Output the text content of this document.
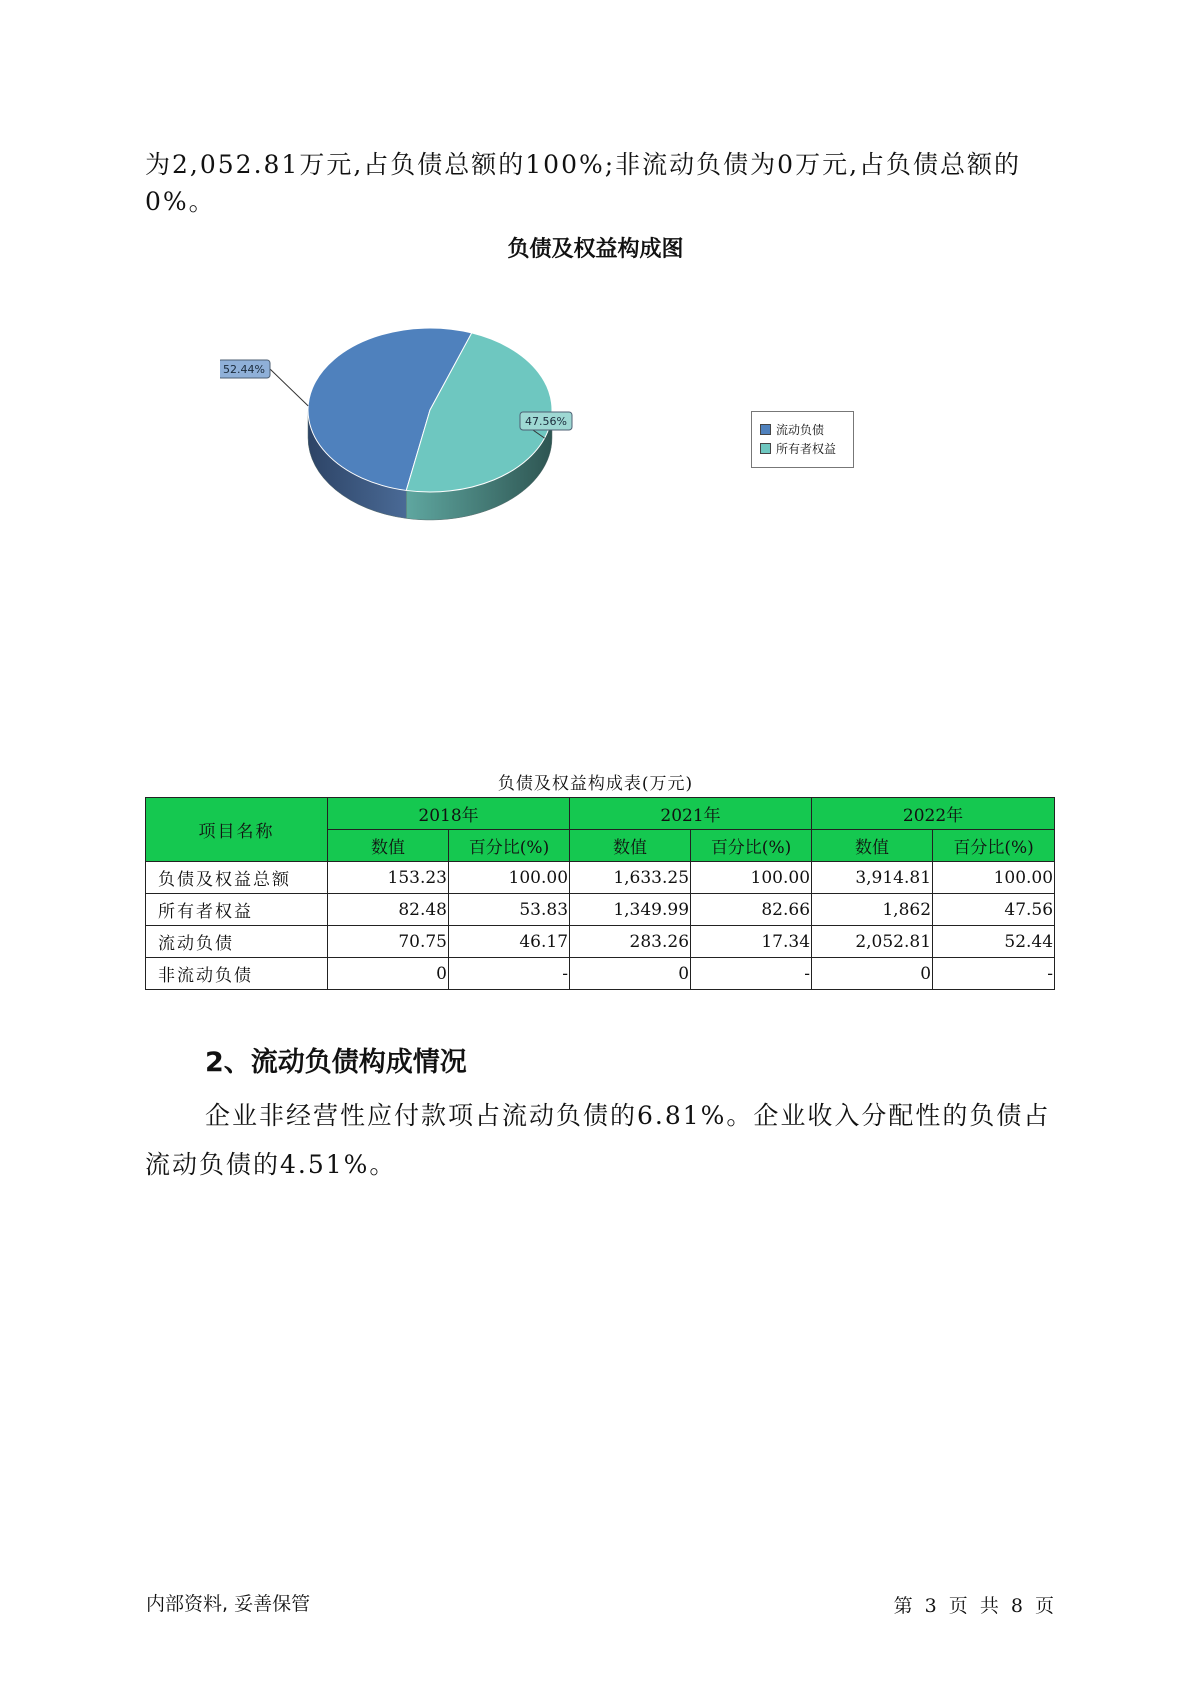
为2,052.81万元,占负债总额的100%;非流动负债为0万元,占负债总额的0%。
负债及权益构成图
52.44%
47.56%
流动负债
所有者权益
负债及权益构成表(万元)
项目名称	2018年		2021年		2022年	
	数值	百分比(%)	数值	百分比(%)	数值	百分比(%)
负债及权益总额	153.23	100.00	1,633.25	100.00	3,914.81	100.00
所有者权益	82.48	53.83	1,349.99	82.66	1,862	47.56
流动负债	70.75	46.17	283.26	17.34	2,052.81	52.44
非流动负债	0	-	0	-	0	-
2、流动负债构成情况
企业非经营性应付款项占流动负债的6.81%。企业收入分配性的负债占
流动负债的4.51%。
内部资料, 妥善保管	第 3 页 共 8 页
